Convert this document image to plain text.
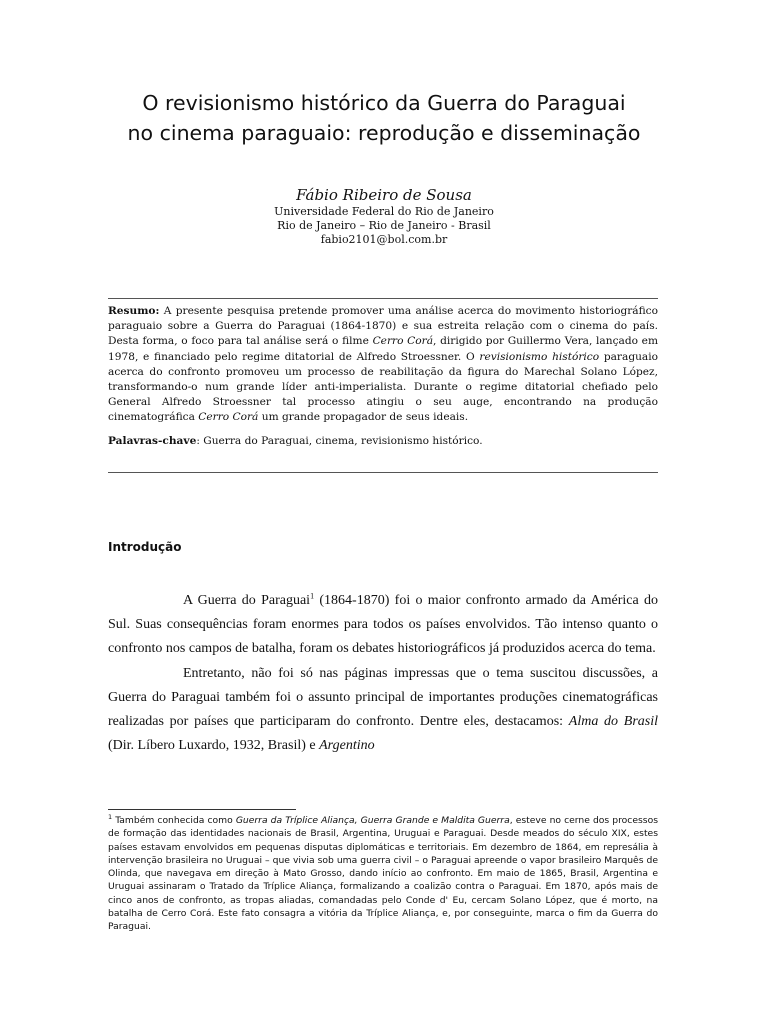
O revisionismo histórico da Guerra do Paraguai
no cinema paraguaio: reprodução e disseminação
Fábio Ribeiro de Sousa
Universidade Federal do Rio de Janeiro
Rio de Janeiro – Rio de Janeiro - Brasil
fabio2101@bol.com.br

Resumo: A presente pesquisa pretende promover uma análise acerca do movimento historiográfico paraguaio sobre a Guerra do Paraguai (1864-1870) e sua estreita relação com o cinema do país. Desta forma, o foco para tal análise será o filme Cerro Corá, dirigido por Guillermo Vera, lançado em 1978, e financiado pelo regime ditatorial de Alfredo Stroessner. O revisionismo histórico paraguaio acerca do confronto promoveu um processo de reabilitação da figura do Marechal Solano López, transformando-o num grande líder anti-imperialista. Durante o regime ditatorial chefiado pelo General Alfredo Stroessner tal processo atingiu o seu auge, encontrando na produção cinematográfica Cerro Corá um grande propagador de seus ideais.

Palavras-chave: Guerra do Paraguai, cinema, revisionismo histórico.

Introdução

A Guerra do Paraguai$^1$ (1864-1870) foi o maior confronto armado da América do Sul. Suas consequências foram enormes para todos os países envolvidos. Tão intenso quanto o confronto nos campos de batalha, foram os debates historiográficos já produzidos acerca do tema.

Entretanto, não foi só nas páginas impressas que o tema suscitou discussões, a Guerra do Paraguai também foi o assunto principal de importantes produções cinematográficas realizadas por países que participaram do confronto. Dentre eles, destacamos: Alma do Brasil (Dir. Líbero Luxardo, 1932, Brasil) e Argentino

$^1$ Também conhecida como Guerra da Tríplice Aliança, Guerra Grande e Maldita Guerra, esteve no cerne dos processos de formação das identidades nacionais de Brasil, Argentina, Uruguai e Paraguai. Desde meados do século XIX, estes países estavam envolvidos em pequenas disputas diplomáticas e territoriais. Em dezembro de 1864, em represália à intervenção brasileira no Uruguai – que vivia sob uma guerra civil – o Paraguai apreende o vapor brasileiro Marquês de Olinda, que navegava em direção à Mato Grosso, dando início ao confronto. Em maio de 1865, Brasil, Argentina e Uruguai assinaram o Tratado da Tríplice Aliança, formalizando a coalizão contra o Paraguai. Em 1870, após mais de cinco anos de confronto, as tropas aliadas, comandadas pelo Conde d' Eu, cercam Solano López, que é morto, na batalha de Cerro Corá. Este fato consagra a vitória da Tríplice Aliança, e, por conseguinte, marca o fim da Guerra do Paraguai.
